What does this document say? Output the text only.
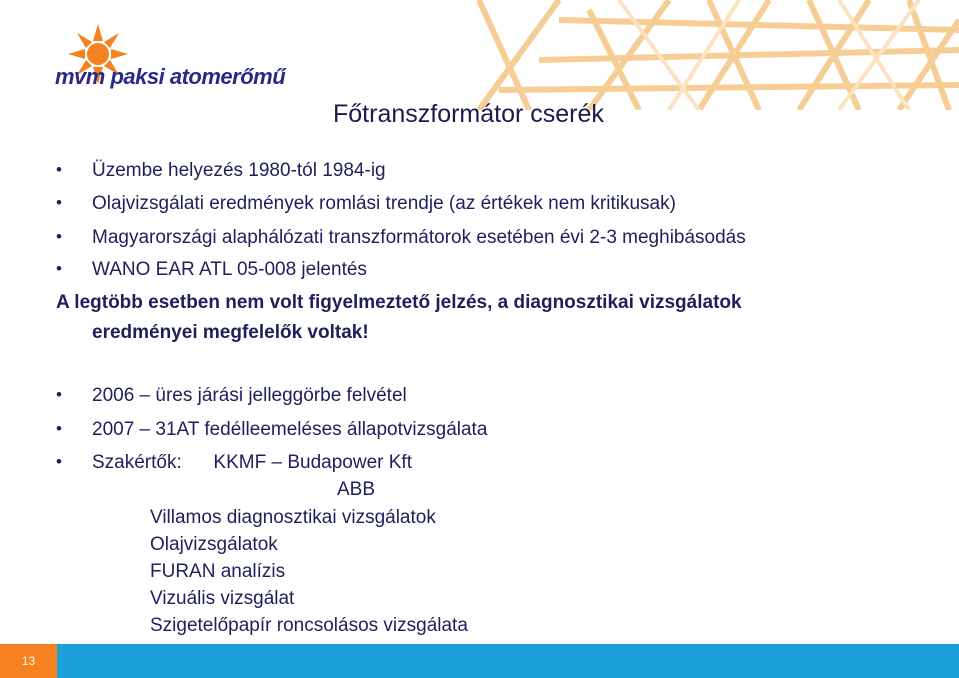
mvm paksi atomerőmű
Főtranszformátor cserék
• Üzembe helyezés 1980-tól 1984-ig
• Olajvizsgálati eredmények romlási trendje (az értékek nem kritikusak)
• Magyarországi alaphálózati transzformátorok esetében évi 2-3 meghibásodás
• WANO EAR ATL 05-008 jelentés
A legtöbb esetben nem volt figyelmeztető jelzés, a diagnosztikai vizsgálatok
eredményei megfelelők voltak!
• 2006 – üres járási jelleggörbe felvétel
• 2007 – 31AT fedélleemeléses állapotvizsgálata
• Szakértők:      KKMF – Budapower Kft
ABB
Villamos diagnosztikai vizsgálatok
Olajvizsgálatok
FURAN analízis
Vizuális vizsgálat
Szigetelőpapír roncsolásos vizsgálata
13
